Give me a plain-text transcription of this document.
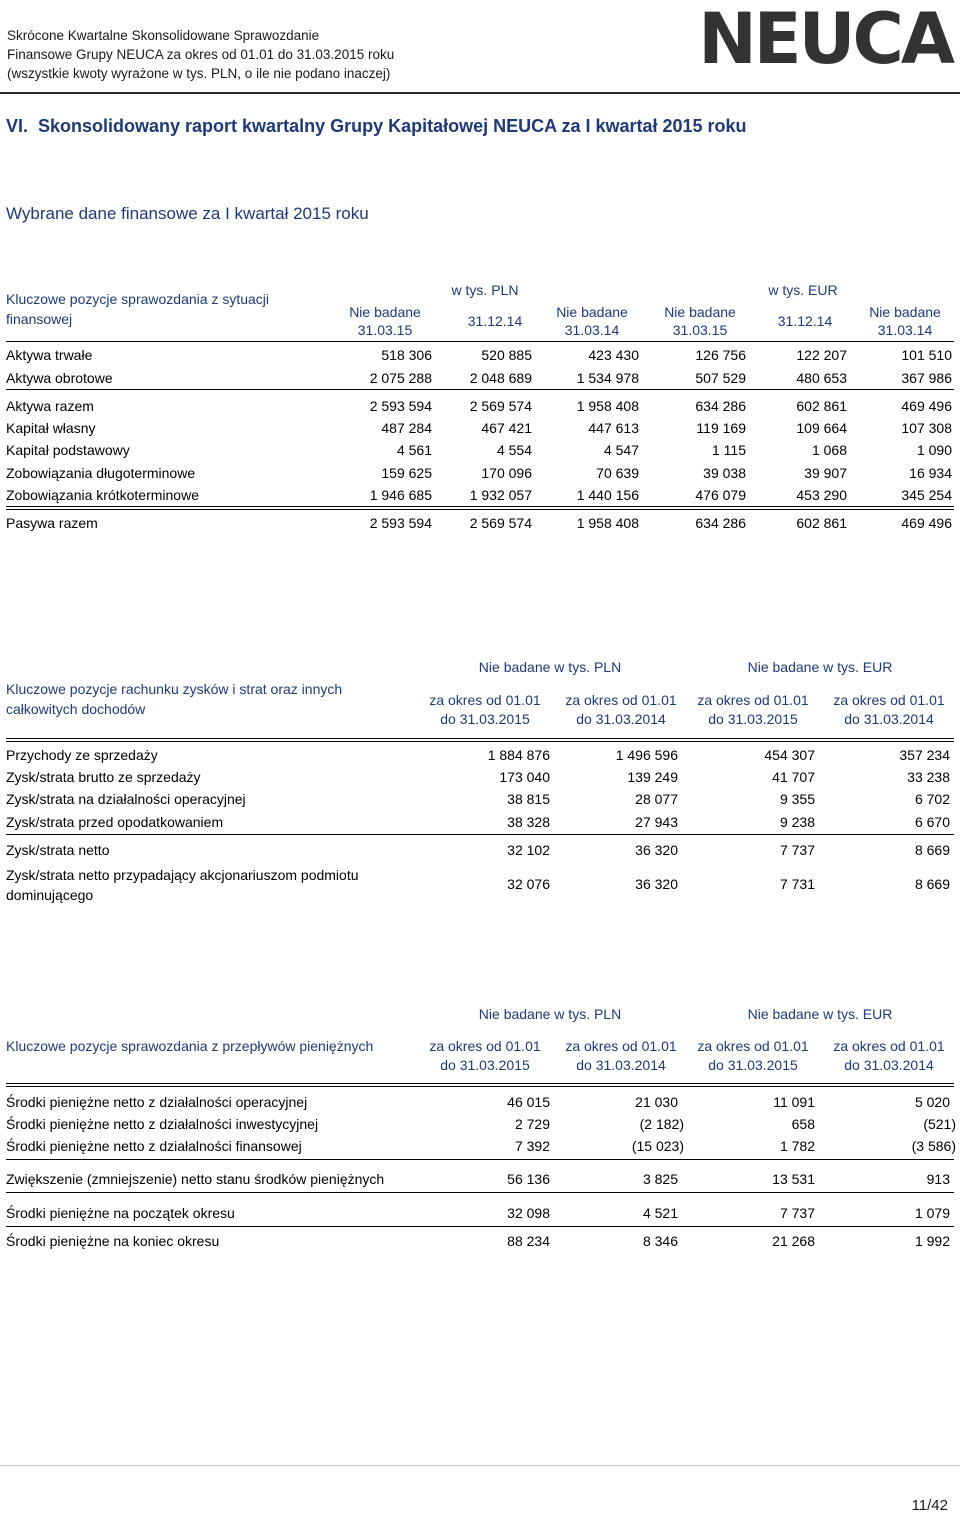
Skrócone Kwartalne Skonsolidowane Sprawozdanie
Finansowe Grupy NEUCA za okres od 01.01 do 31.03.2015 roku
(wszystkie kwoty wyrażone w tys. PLN, o ile nie podano inaczej)	NEUCA
VI. Skonsolidowany raport kwartalny Grupy Kapitałowej NEUCA za I kwartał 2015 roku
Wybrane dane finansowe za I kwartał 2015 roku
Kluczowe pozycje sprawozdania z sytuacji finansowej
w tys. PLN	w tys. EUR
Nie badane
31.03.15
31.12.14
Nie badane
31.03.14
Nie badane
31.03.15
31.12.14
Nie badane
31.03.14
Aktywa trwałe	518 306	520 885	423 430	126 756	122 207	101 510
Aktywa obrotowe	2 075 288	2 048 689	1 534 978	507 529	480 653	367 986
Aktywa razem	2 593 594	2 569 574	1 958 408	634 286	602 861	469 496
Kapitał własny	487 284	467 421	447 613	119 169	109 664	107 308
Kapitał podstawowy	4 561	4 554	4 547	1 115	1 068	1 090
Zobowiązania długoterminowe	159 625	170 096	70 639	39 038	39 907	16 934
Zobowiązania krótkoterminowe	1 946 685	1 932 057	1 440 156	476 079	453 290	345 254
Pasywa razem	2 593 594	2 569 574	1 958 408	634 286	602 861	469 496
Kluczowe pozycje rachunku zysków i strat oraz innych całkowitych dochodów
Nie badane w tys. PLN	Nie badane w tys. EUR
za okres od 01.01
do 31.03.2015
za okres od 01.01
do 31.03.2014
za okres od 01.01
do 31.03.2015
za okres od 01.01
do 31.03.2014
Przychody ze sprzedaży	1 884 876	1 496 596	454 307	357 234
Zysk/strata brutto ze sprzedaży	173 040	139 249	41 707	33 238
Zysk/strata na działalności operacyjnej	38 815	28 077	9 355	6 702
Zysk/strata przed opodatkowaniem	38 328	27 943	9 238	6 670
Zysk/strata netto	32 102	36 320	7 737	8 669
Zysk/strata netto przypadający akcjonariuszom podmiotu dominującego
32 076	36 320	7 731	8 669
Kluczowe pozycje sprawozdania z przepływów pieniężnych
Nie badane w tys. PLN	Nie badane w tys. EUR
za okres od 01.01
do 31.03.2015
za okres od 01.01
do 31.03.2014
za okres od 01.01
do 31.03.2015
za okres od 01.01
do 31.03.2014
Środki pieniężne netto z działalności operacyjnej	46 015	21 030	11 091	5 020
Środki pieniężne netto z działalności inwestycyjnej	2 729	(2 182)	658	(521)
Środki pieniężne netto z działalności finansowej	7 392	(15 023)	1 782	(3 586)
Zwiększenie (zmniejszenie) netto stanu środków pieniężnych	56 136	3 825	13 531	913
Środki pieniężne na początek okresu	32 098	4 521	7 737	1 079
Środki pieniężne na koniec okresu	88 234	8 346	21 268	1 992
11/42
